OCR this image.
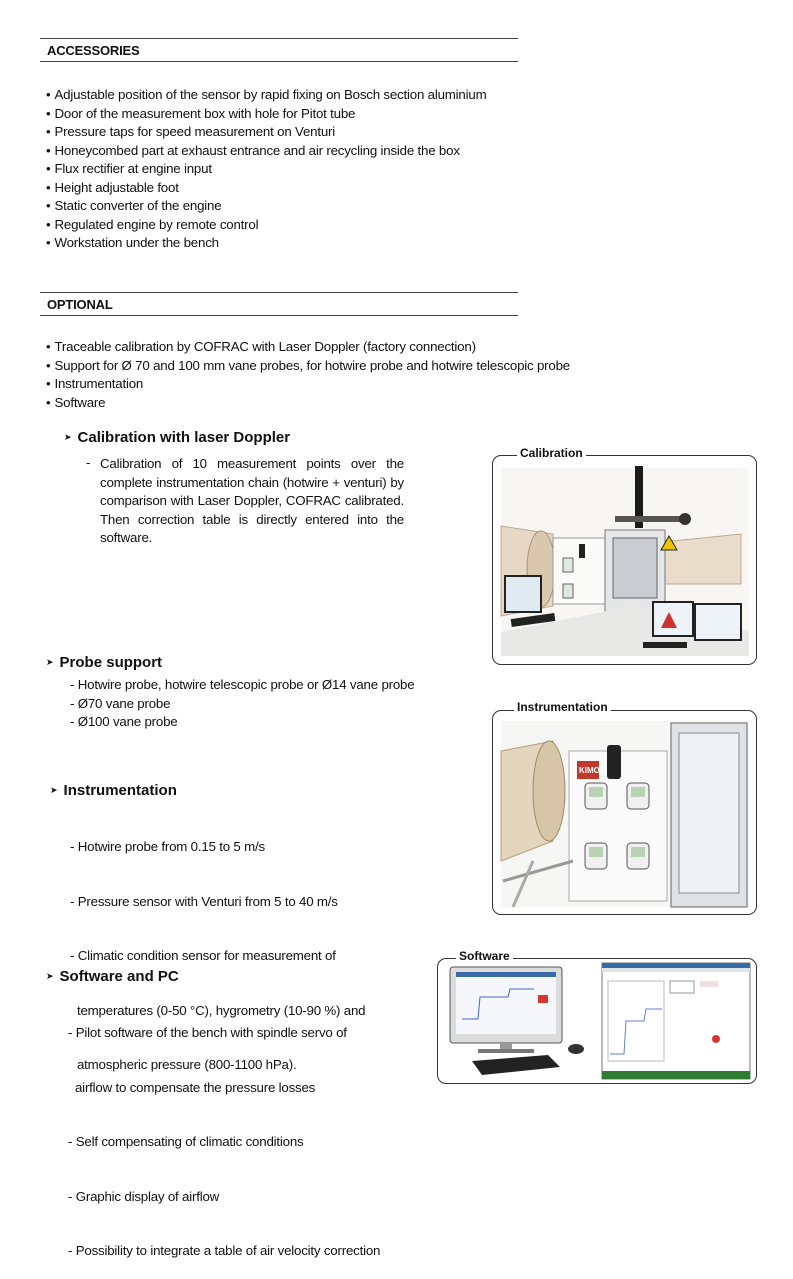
ACCESSORIES
• Adjustable position of the sensor by rapid fixing on Bosch section aluminium
• Door of the measurement box with hole for Pitot tube
• Pressure taps for speed measurement on Venturi
• Honeycombed part at exhaust entrance and air recycling inside the box
• Flux rectifier at engine input
• Height adjustable foot
• Static converter of the engine
• Regulated engine by remote control
• Workstation under the bench
OPTIONAL
• Traceable calibration by COFRAC with Laser Doppler (factory connection)
• Support for Ø 70 and 100 mm vane probes, for hotwire probe and hotwire telescopic probe
• Instrumentation
• Software
➤ Calibration with laser Doppler
- Calibration of 10 measurement points over the complete instrumentation chain (hotwire + venturi) by comparison with Laser Doppler, COFRAC calibrated. Then correction table is directly entered into the software.
Calibration
➤ Probe support
- Hotwire probe, hotwire telescopic probe or Ø14 vane probe
- Ø70 vane probe
- Ø100 vane probe
KIMO
Instrumentation
➤ Instrumentation

- Hotwire probe from 0.15 to 5 m/s

- Pressure sensor with Venturi from 5 to 40 m/s

- Climatic condition sensor for measurement of

temperatures (0-50 °C), hygrometry (10-90 %) and

atmospheric pressure (800-1100 hPa).

Software
➤ Software and PC

- Pilot software of the bench with spindle servo of

airflow to compensate the pressure losses

- Self compensating of climatic conditions

- Graphic display of airflow

- Possibility to integrate a table of air velocity correction
